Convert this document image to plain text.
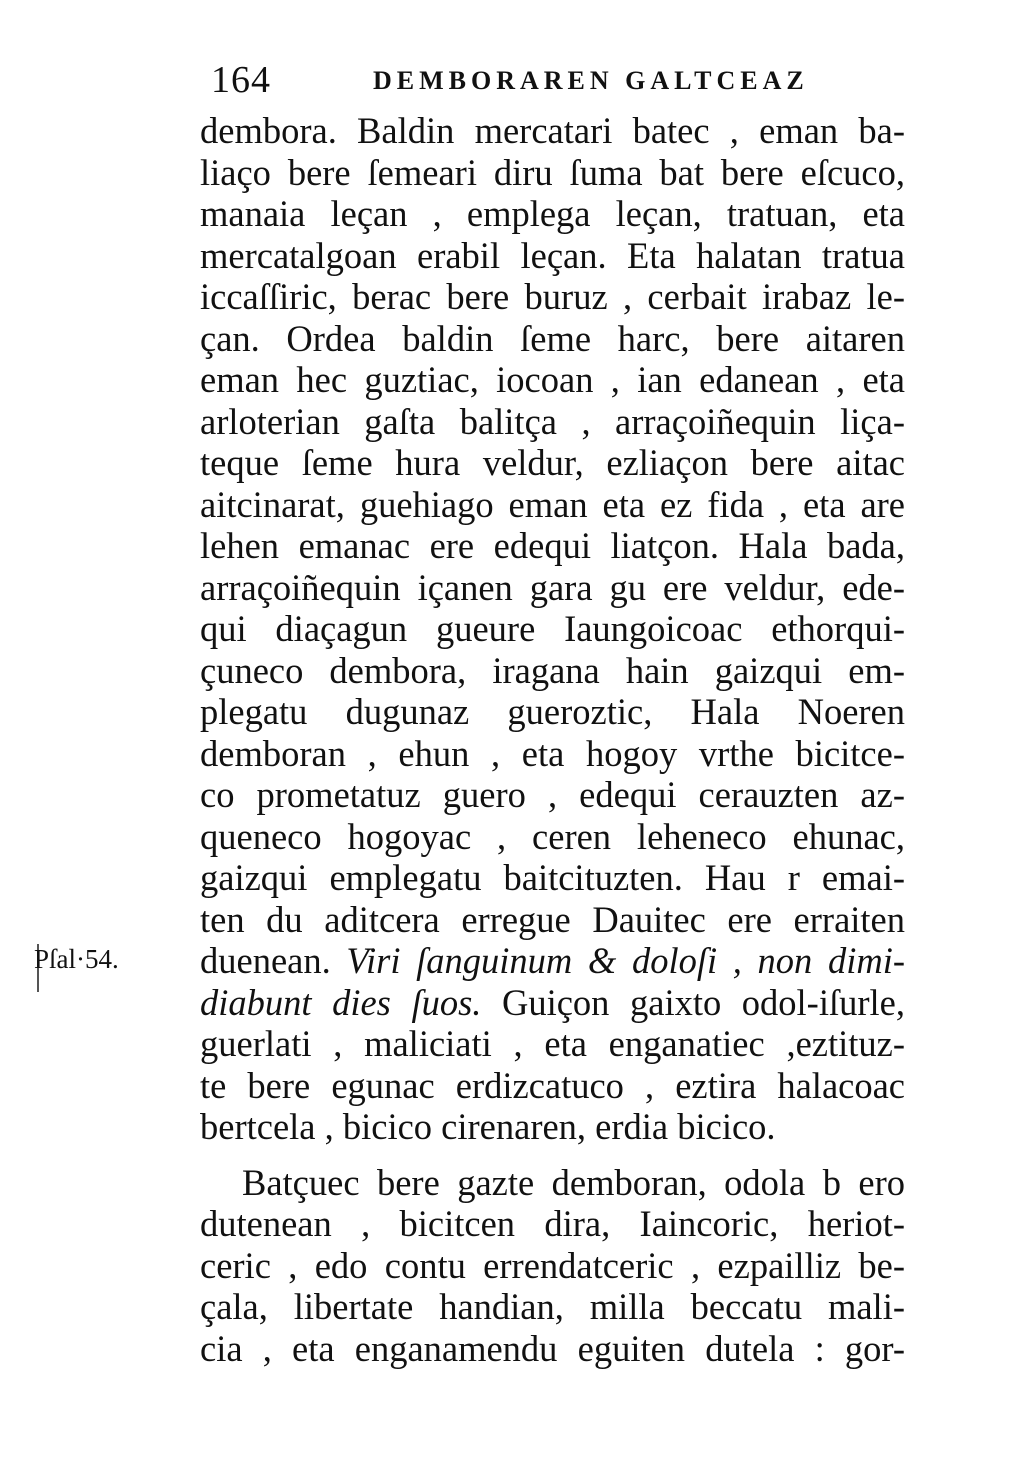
164	DEMBORAREN GALTCEAZ
Pſal·54.
dembora. Baldin mercatari batec , eman ba-
liaço bere ſemeari diru ſuma bat bere eſcuco,
manaia leçan , emplega leçan, tratuan, eta
mercatalgoan erabil leçan. Eta halatan tratua
iccaſſiric, berac bere buruz , cerbait irabaz le-
çan. Ordea baldin ſeme harc, bere aitaren
eman hec guztiac, iocoan , ian edanean , eta
arloterian gaſta balitça , arraçoiñequin liça-
teque ſeme hura veldur, ezliaçon bere aitac
aitcinarat, guehiago eman eta ez fida , eta are
lehen emanac ere edequi liatçon. Hala bada,
arraçoiñequin içanen gara gu ere veldur, ede-
qui diaçagun gueure Iaungoicoac ethorqui-
çuneco dembora, iragana hain gaizqui em-
plegatu dugunaz gueroztic, Hala Noeren
demboran , ehun , eta hogoy vrthe bicitce-
co prometatuz guero , edequi cerauzten az-
queneco hogoyac , ceren leheneco ehunac,
gaizqui emplegatu baitcituzten. Hau r emai-
ten du aditcera erregue Dauitec ere erraiten
duenean. Viri ſanguinum & doloſi , non dimi-
diabunt dies ſuos. Guiçon gaixto odol-iſurle,
guerlati , maliciati , eta enganatiec ,eztituz-
te bere egunac erdizcatuco , eztira halacoac
bertcela , bicico cirenaren, erdia bicico.
Batçuec bere gazte demboran, odola b ero
dutenean , bicitcen dira, Iaincoric, heriot-
ceric , edo contu errendatceric , ezpailliz be-
çala, libertate handian, milla beccatu mali-
cia , eta enganamendu eguiten dutela : gor-
